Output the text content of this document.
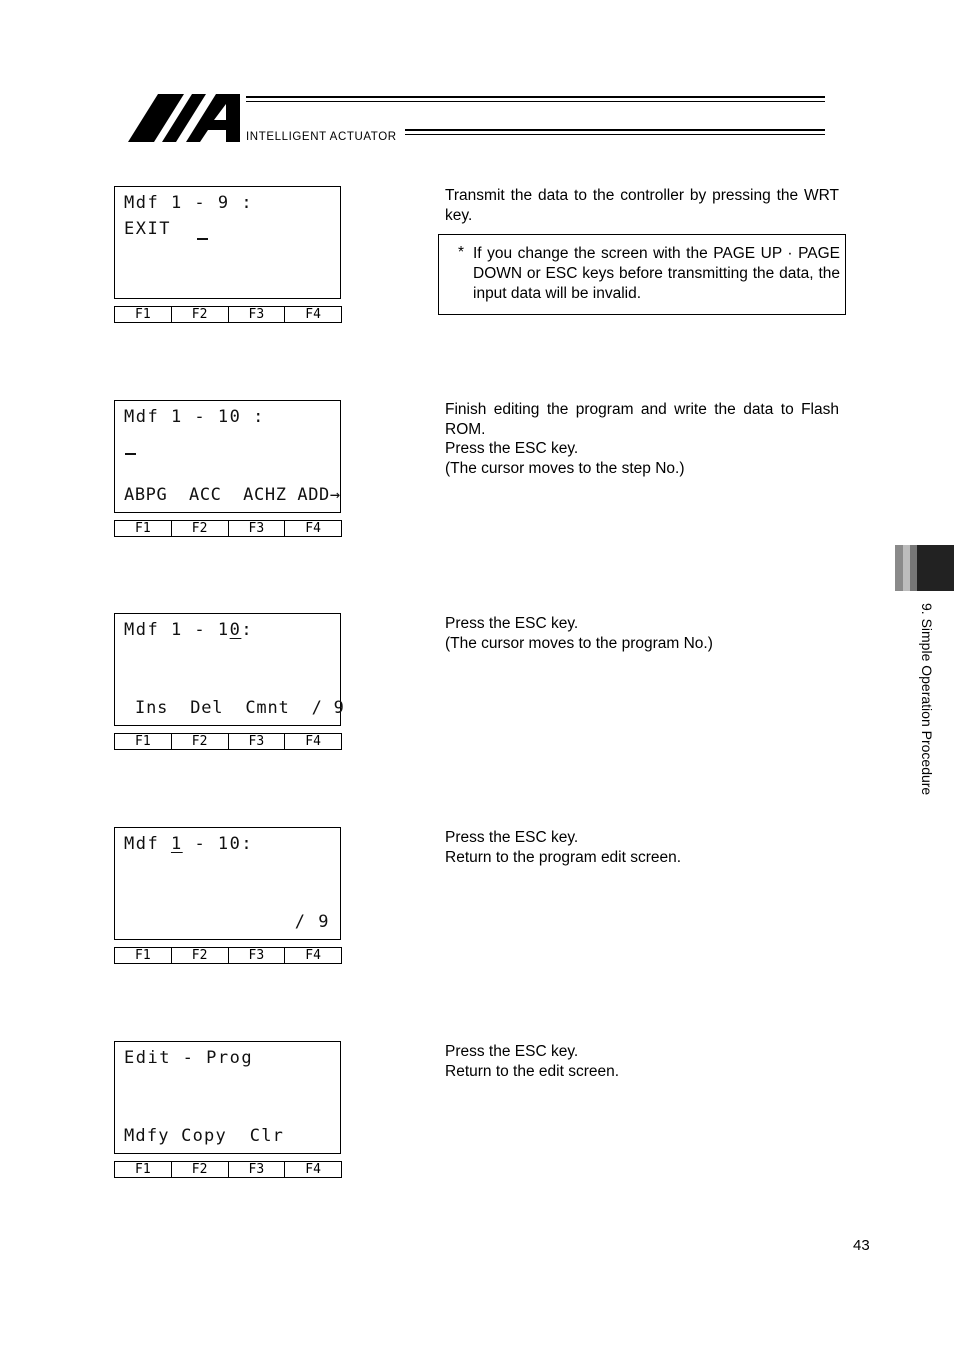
INTELLIGENT ACTUATOR
Mdf 1 - 9 :
EXIT
F1	F2	F3	F4

Transmit the data to the controller by pressing the WRT key.

* If you change the screen with the PAGE UP · PAGE DOWN or ESC keys before transmitting the data, the input data will be invalid.
Mdf 1 - 10 :
ABPG  ACC  ACHZ ADD→
F1	F2	F3	F4

Finish editing the program and write the data to Flash ROM.

Press the ESC key.

(The cursor moves to the step No.)

Mdf 1 - 10:
Ins  Del  Cmnt  / 9
F1	F2	F3	F4

Press the ESC key.

(The cursor moves to the program No.)

Mdf 1 - 10:
/ 9
F1	F2	F3	F4

Press the ESC key.

Return to the program edit screen.

Edit - Prog
Mdfy Copy  Clr
F1	F2	F3	F4

Press the ESC key.

Return to the edit screen.

9. Simple Operation Procedure
43
